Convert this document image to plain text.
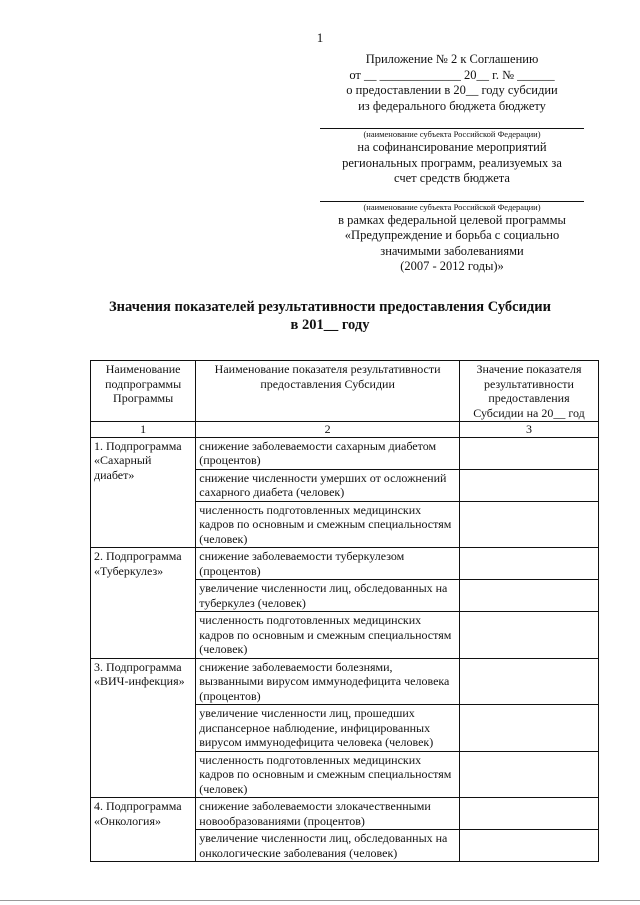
1
Приложение № 2 к Соглашению
от __ _____________ 20__ г. № ______
о предоставлении в 20__ году субсидии
из федерального бюджета бюджету
(наименование субъекта Российской Федерации)
на софинансирование мероприятий
региональных программ, реализуемых за
счет средств бюджета
(наименование субъекта Российской Федерации)
в рамках федеральной целевой программы
«Предупреждение и борьба с социально
значимыми заболеваниями
(2007 - 2012 годы)»
Значения показателей результативности предоставления Субсидии
в 201__ году
Наименование подпрограммы Программы	Наименование показателя результативности предоставления Субсидии	Значение показателя результативности предоставления Субсидии на 20__ год
1	2	3
1. Подпрограмма «Сахарный диабет»	снижение заболеваемости сахарным диабетом (процентов)	
	снижение численности умерших от осложнений сахарного диабета (человек)	
	численность подготовленных медицинских кадров по основным и смежным специальностям (человек)	
2. Подпрограмма «Туберкулез»	снижение заболеваемости туберкулезом (процентов)	
	увеличение численности лиц, обследованных на туберкулез (человек)	
	численность подготовленных медицинских кадров по основным и смежным специальностям (человек)	
3. Подпрограмма «ВИЧ-инфекция»	снижение заболеваемости болезнями, вызванными вирусом иммунодефицита человека (процентов)	
	увеличение численности лиц, прошедших диспансерное наблюдение, инфицированных вирусом иммунодефицита человека (человек)	
	численность подготовленных медицинских кадров по основным и смежным специальностям (человек)	
4. Подпрограмма «Онкология»	снижение заболеваемости злокачественными новообразованиями (процентов)	
	увеличение численности лиц, обследованных на онкологические заболевания (человек)	
